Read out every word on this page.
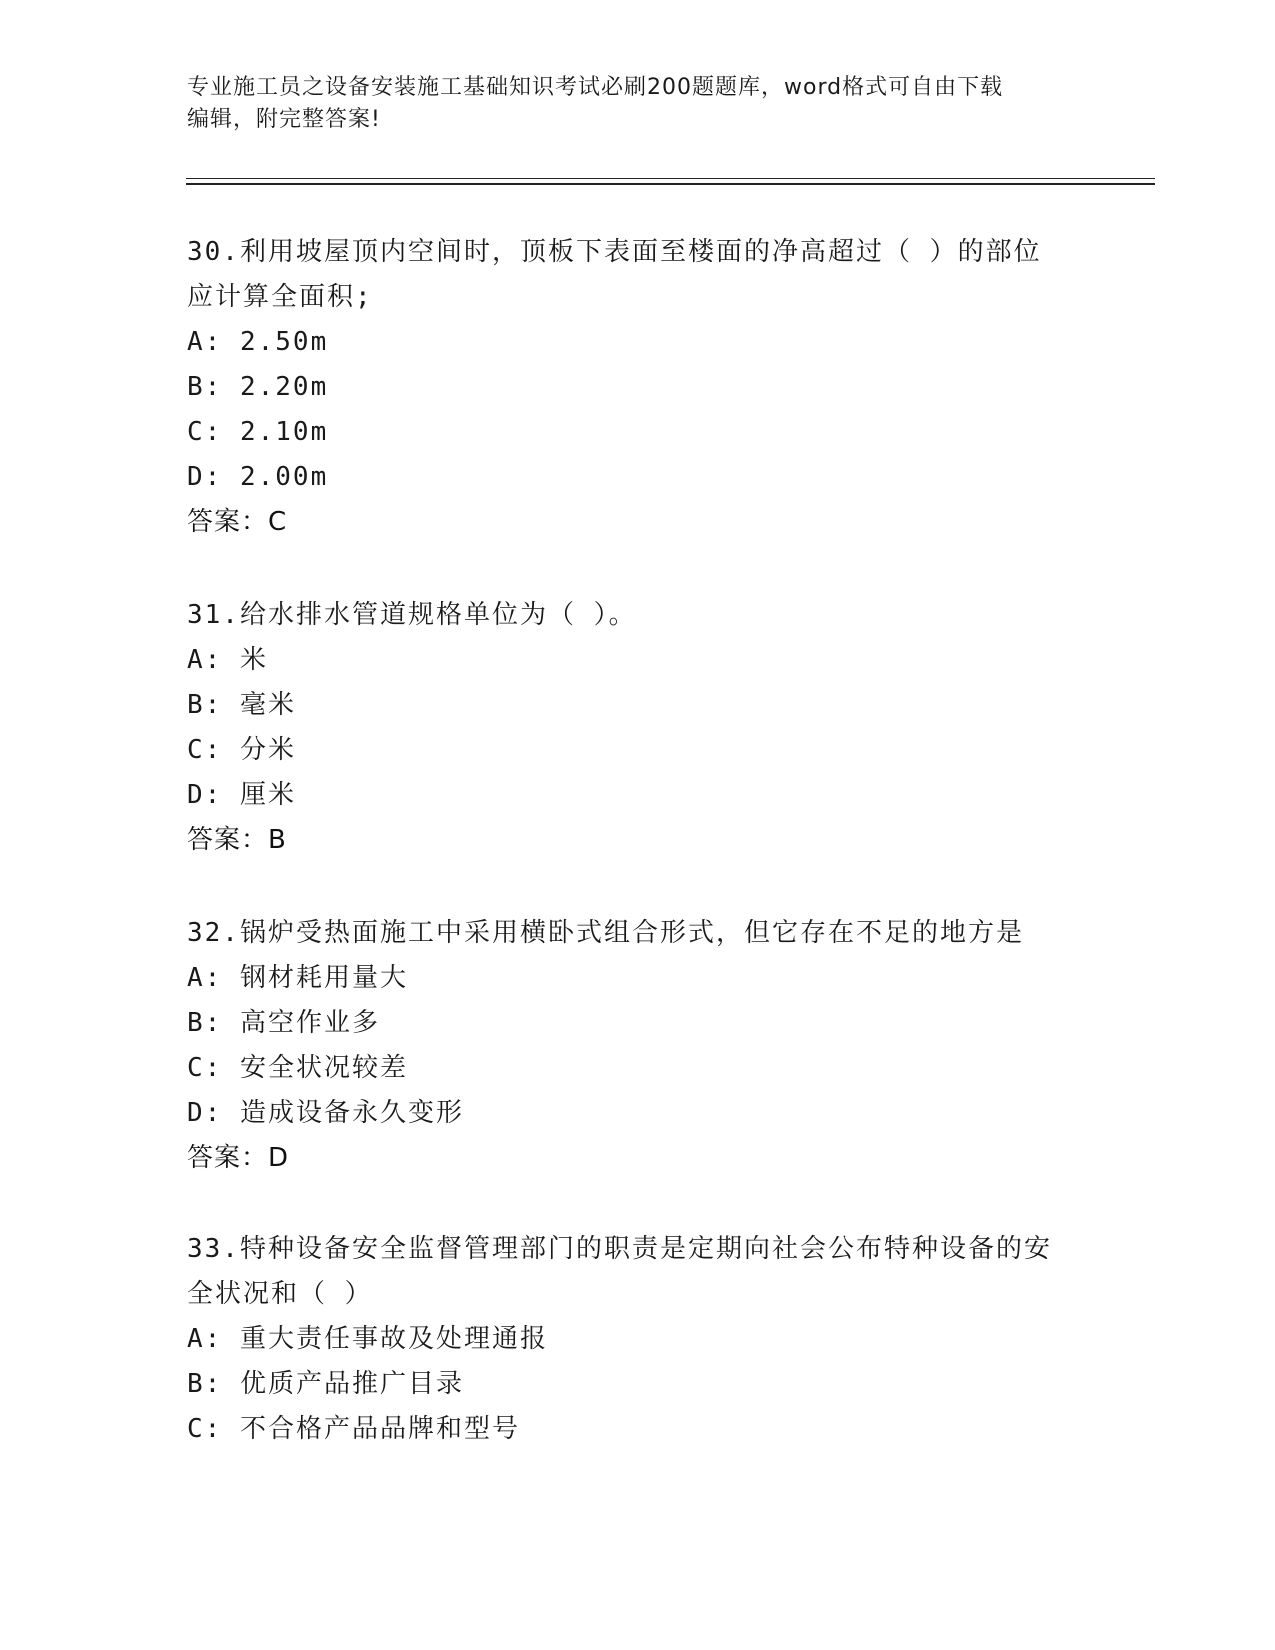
专业施工员之设备安装施工基础知识考试必刷200题题库，word格式可自由下载
编辑，附完整答案!

30.利用坡屋顶内空间时，顶板下表面至楼面的净高超过（ ）的部位

应计算全面积;

A: 2.50m

B: 2.20m

C: 2.10m

D: 2.00m

答案：C

31.给水排水管道规格单位为（ ）。

A: 米

B: 毫米

C: 分米

D: 厘米

答案：B

32.锅炉受热面施工中采用横卧式组合形式，但它存在不足的地方是

A: 钢材耗用量大

B: 高空作业多

C: 安全状况较差

D: 造成设备永久变形

答案：D

33.特种设备安全监督管理部门的职责是定期向社会公布特种设备的安

全状况和（ ）

A: 重大责任事故及处理通报

B: 优质产品推广目录

C: 不合格产品品牌和型号
